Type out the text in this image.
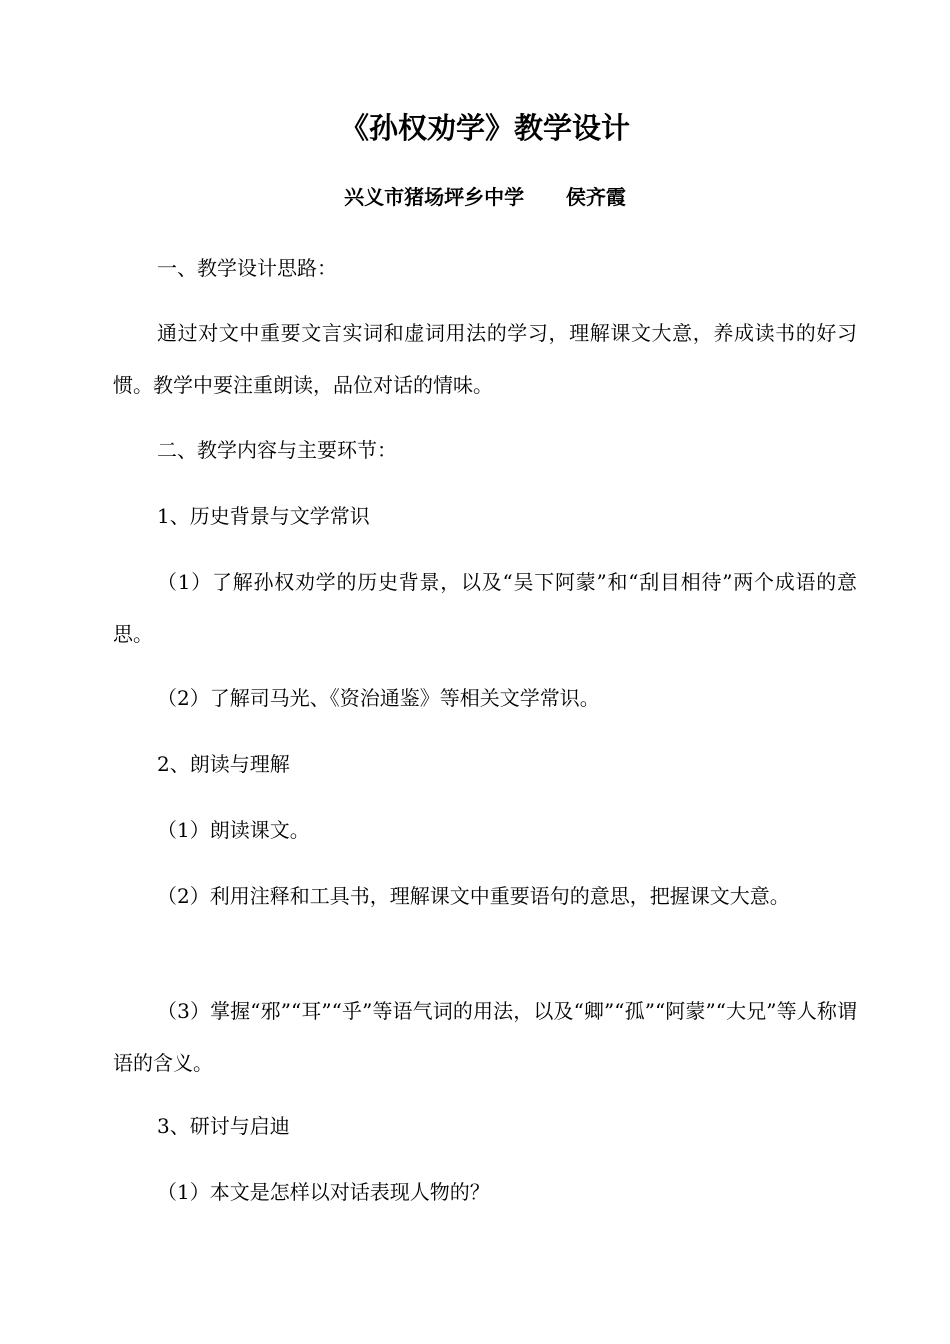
《孙权劝学》教学设计

兴义市猪场坪乡中学      侯齐霞

一、教学设计思路：

通过对文中重要文言实词和虚词用法的学习，理解课文大意，养成读书的好习惯。教学中要注重朗读，品位对话的情味。

二、教学内容与主要环节：

1、历史背景与文学常识

（1）了解孙权劝学的历史背景，以及“吴下阿蒙”和“刮目相待”两个成语的意思。

（2）了解司马光、《资治通鉴》等相关文学常识。

2、朗读与理解

（1）朗读课文。

（2）利用注释和工具书，理解课文中重要语句的意思，把握课文大意。

（3）掌握“邪”“耳”“乎”等语气词的用法，以及“卿”“孤”“阿蒙”“大兄”等人称谓语的含义。

3、研讨与启迪

（1）本文是怎样以对话表现人物的？
